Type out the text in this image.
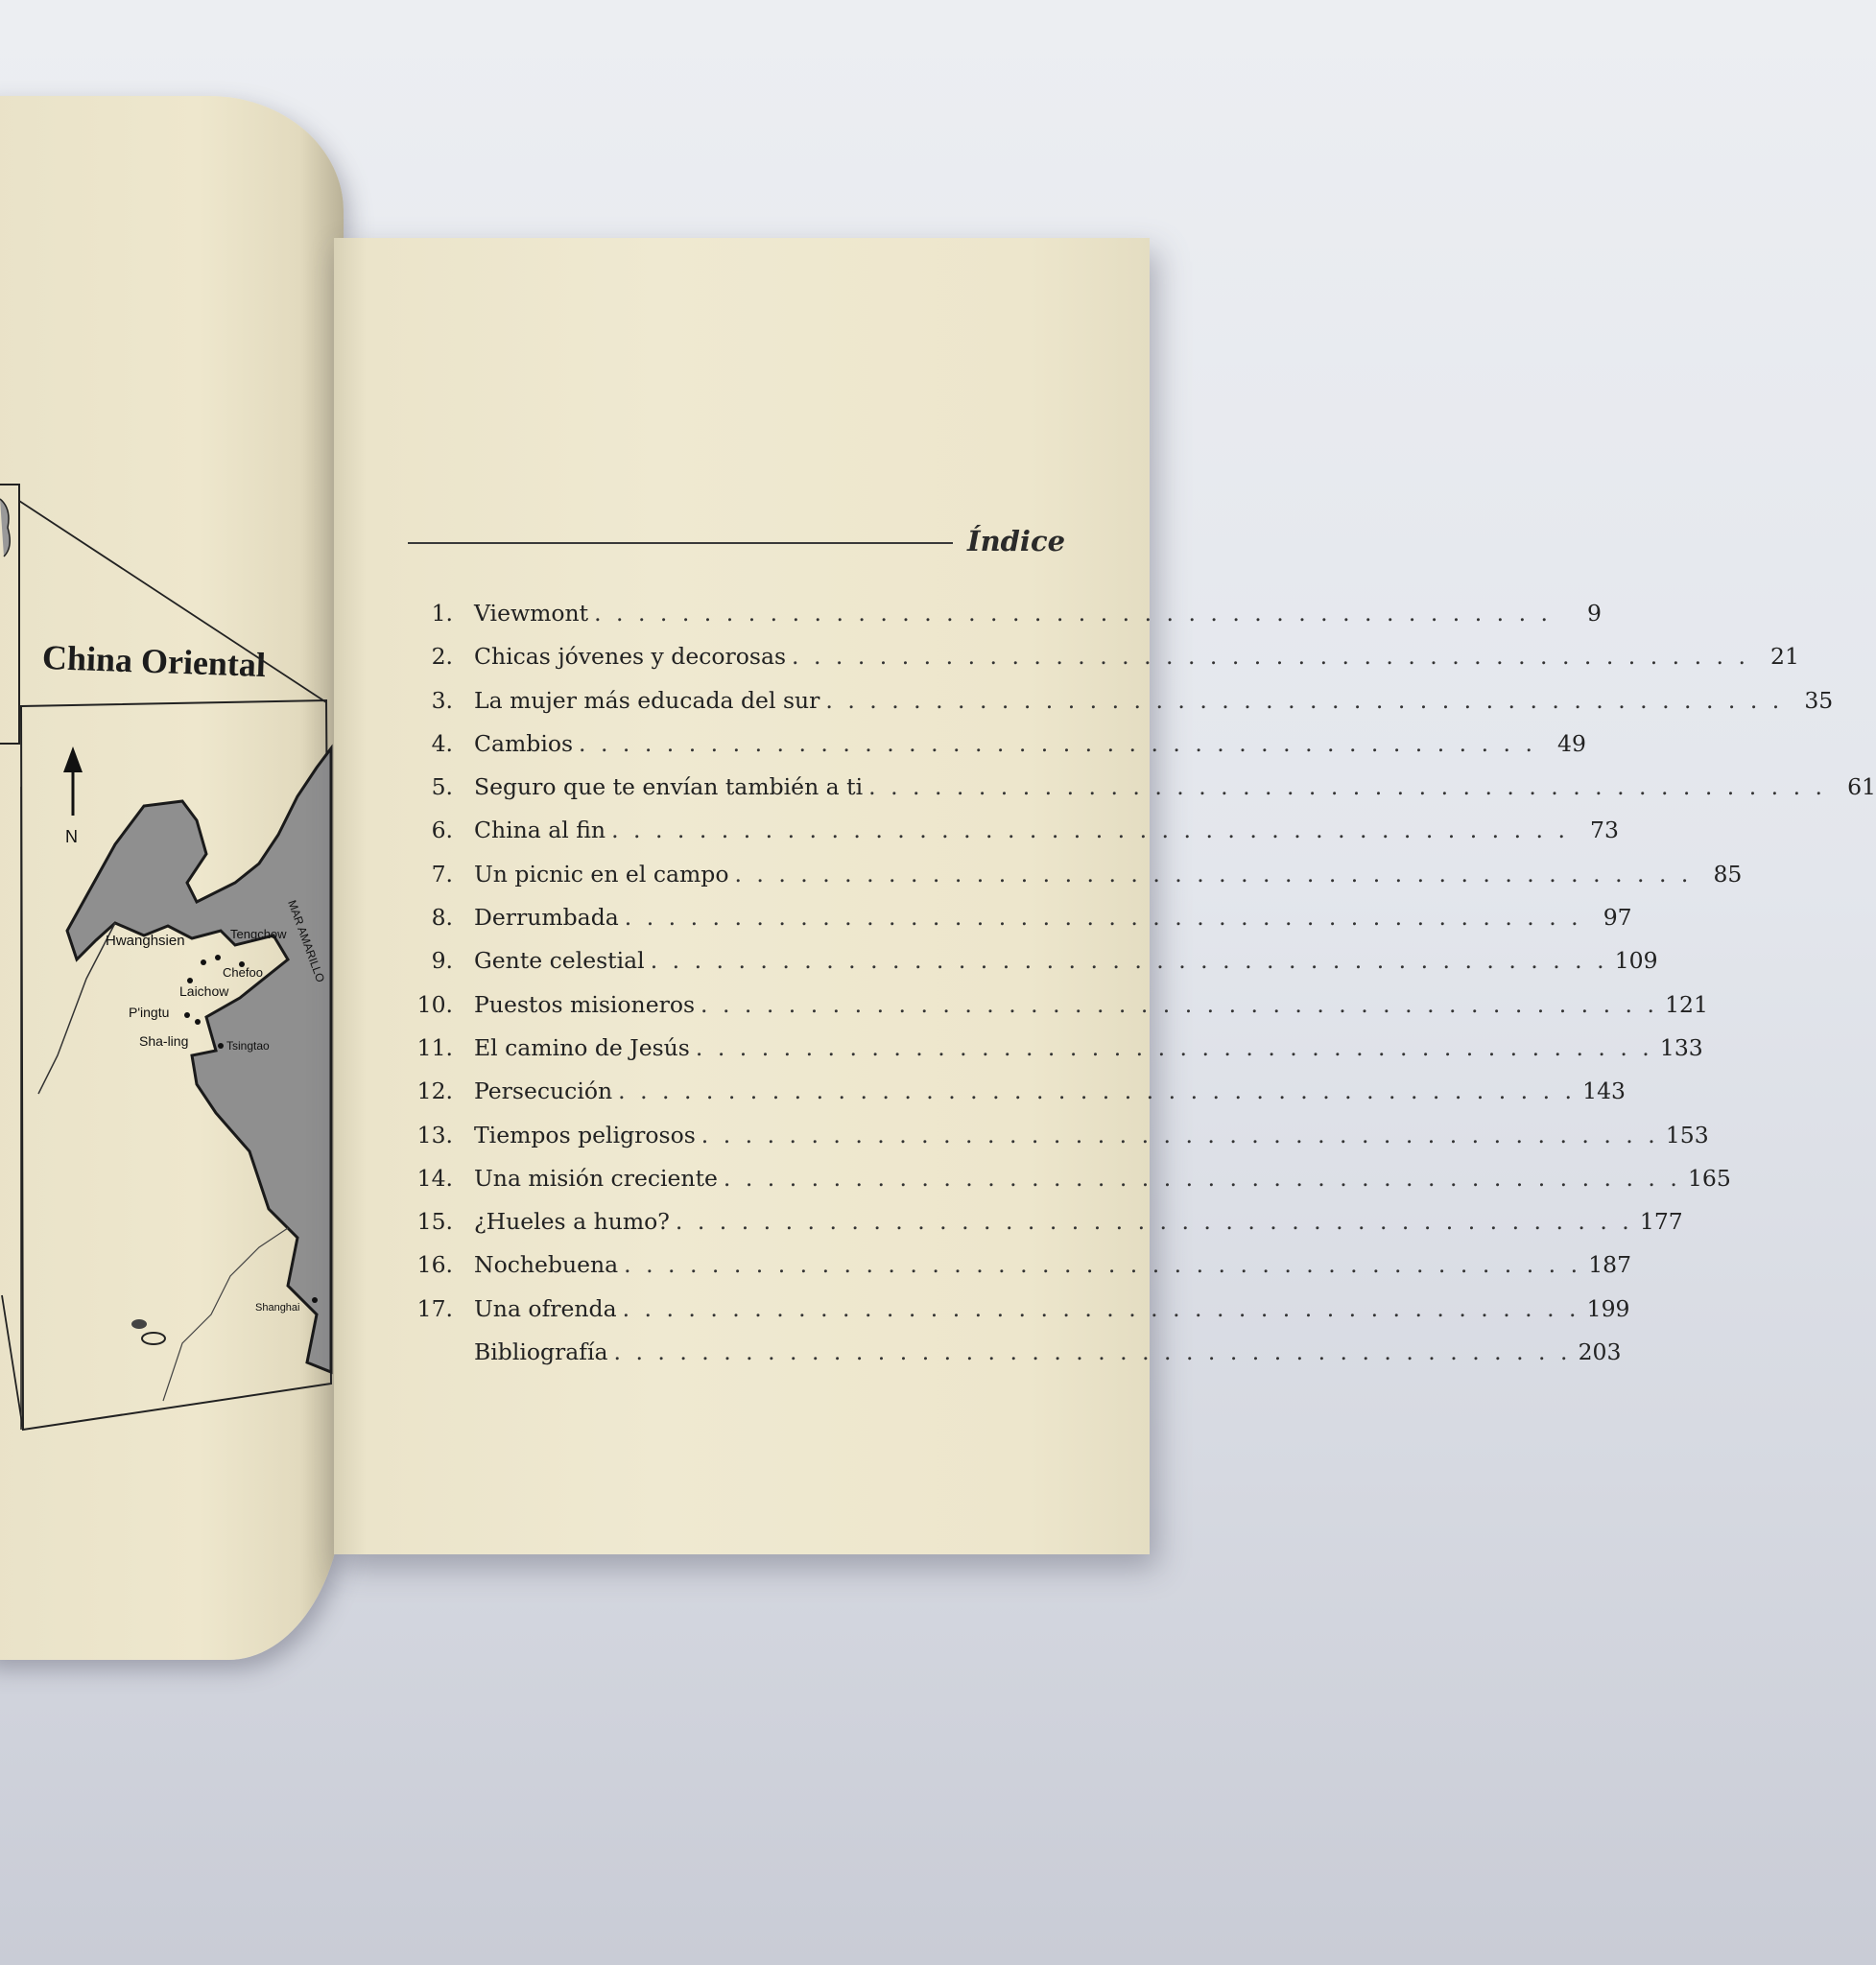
China Oriental
N
MAR AMARILLO
Hwanghsien	Tengchow
Chefoo
Laichow
P'ingtu
Sha-ling	Tsingtao
Shanghai
Índice
1. Viewmont . . . . . . . . . . . . . . . . . . . . . . . . . . . . . . . . . . . . . . . . . . . .	9
2. Chicas jóvenes y decorosas . . . . . . . . . . . . . . . . . . . . . . . . . . . . . . . . . . . . . . . . . . . . 21
3. La mujer más educada del sur . . . . . . . . . . . . . . . . . . . . . . . . . . . . . . . . . . . . . . . . . . . . 35
4. Cambios . . . . . . . . . . . . . . . . . . . . . . . . . . . . . . . . . . . . . . . . . . . . 49
5. Seguro que te envían también a ti . . . . . . . . . . . . . . . . . . . . . . . . . . . . . . . . . . . . . . . . . . . . 61
6. China al fin . . . . . . . . . . . . . . . . . . . . . . . . . . . . . . . . . . . . . . . . . . . . 73
7. Un picnic en el campo . . . . . . . . . . . . . . . . . . . . . . . . . . . . . . . . . . . . . . . . . . . . 85
8. Derrumbada . . . . . . . . . . . . . . . . . . . . . . . . . . . . . . . . . . . . . . . . . . . . 97
9. Gente celestial . . . . . . . . . . . . . . . . . . . . . . . . . . . . . . . . . . . . . . . . . . . . 109
10. Puestos misioneros . . . . . . . . . . . . . . . . . . . . . . . . . . . . . . . . . . . . . . . . . . . . 121
11. El camino de Jesús . . . . . . . . . . . . . . . . . . . . . . . . . . . . . . . . . . . . . . . . . . . . 133
12. Persecución . . . . . . . . . . . . . . . . . . . . . . . . . . . . . . . . . . . . . . . . . . . . 143
13. Tiempos peligrosos . . . . . . . . . . . . . . . . . . . . . . . . . . . . . . . . . . . . . . . . . . . . 153
14. Una misión creciente . . . . . . . . . . . . . . . . . . . . . . . . . . . . . . . . . . . . . . . . . . . . 165
15. ¿Hueles a humo? . . . . . . . . . . . . . . . . . . . . . . . . . . . . . . . . . . . . . . . . . . . . 177
16. Nochebuena . . . . . . . . . . . . . . . . . . . . . . . . . . . . . . . . . . . . . . . . . . . . 187
17. Una ofrenda . . . . . . . . . . . . . . . . . . . . . . . . . . . . . . . . . . . . . . . . . . . . 199
Bibliografía . . . . . . . . . . . . . . . . . . . . . . . . . . . . . . . . . . . . . . . . . . . . 203
